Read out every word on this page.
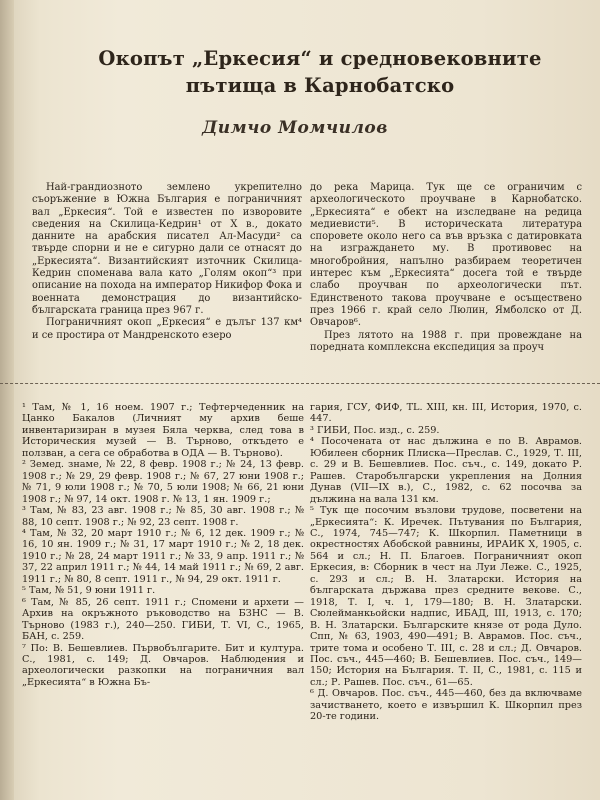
Окопът „Еркесия“ и средновековните
пътища в Карнобатско
Димчо Момчилов

Най-грандиозното землено укрепително съоръжение в Южна България е пограничният вал „Еркесия“. Той е известен по изворовите сведения на Скилица-Кедрин¹ от X в., докато данните на арабския писател Ал-Масуди² са твърде спорни и не е сигурно дали се отнасят до „Еркесията“. Византийският източник Скилица-Кедрин споменава вала като „Голям окоп“³ при описание на похода на император Никифор Фока и военната демонстрация до византийско-българската граница през 967 г.

Пограничният окоп „Еркесия“ е дълъг 137 км⁴ и се простира от Мандренското езеро

до река Марица. Тук ще се ограничим с археологическото проучване в Карнобатско. „Еркесията“ е обект на изследване на редица медиевисти⁵. В историческата литература споровете около него са във връзка с датировката на изграждането му. В противовес на многобройния, напълно разбираем теоретичен интерес към „Еркесията“ досега той е твърде слабо проучван по археологически път. Единственото такова проучване е осъществено през 1966 г. край село Люлин, Ямболско от Д. Овчаров⁶.

През лятото на 1988 г. при провеждане на поредната комплексна експедиция за проуч

¹ Там, № 1, 16 ноем. 1907 г.; Тефтерчеденник на Цанко Бакалов (Личният му архив беше инвентаризиран в музея Бяла черква, след това в Историческия музей — В. Търново, откъдето е ползван, а сега се обработва в ОДА — В. Търново).

² Земед. знаме, № 22, 8 февр. 1908 г.; № 24, 13 февр. 1908 г.; № 29, 29 февр. 1908 г.; № 67, 27 юни 1908 г.; № 71, 9 юли 1908 г.; № 70, 5 юли 1908; № 66, 21 юни 1908 г.; № 97, 14 окт. 1908 г. № 13, 1 ян. 1909 г.;

³ Там, № 83, 23 авг. 1908 г.; № 85, 30 авг. 1908 г.; № 88, 10 септ. 1908 г.; № 92, 23 септ. 1908 г.

⁴ Там, № 32, 20 март 1910 г.; № 6, 12 дек. 1909 г.; № 16, 10 ян. 1909 г.; № 31, 17 март 1910 г.; № 2, 18 дек. 1910 г.; № 28, 24 март 1911 г.; № 33, 9 апр. 1911 г.; № 37, 22 април 1911 г.; № 44, 14 май 1911 г.; № 69, 2 авг. 1911 г.; № 80, 8 септ. 1911 г., № 94, 29 окт. 1911 г.

⁵ Там, № 51, 9 юни 1911 г.

⁶ Там, № 85, 26 септ. 1911 г.; Спомени и архети — Архив на окръжното ръководство на БЗНС — В. Търново (1983 г.), 240—250. ГИБИ, Т. VI, С., 1965, БАН, с. 259.

⁷ По: В. Бешевлиев. Първобългарите. Бит и култура. С., 1981, с. 149; Д. Овчаров. Наблюдения и археологически разкопки на пограничния вал „Еркесията“ в Южна Бъ-

гария, ГСУ, ФИФ, TL. XIII, кн. III, История, 1970, с. 447.

³ ГИБИ, Пос. изд., с. 259.

⁴ Посочената от нас дължина е по В. Аврамов. Юбилеен сборник Плиска—Преслав. С., 1929, Т. III, с. 29 и В. Бешевлиев. Пос. съч., с. 149, докато Р. Рашев. Старобългарски укрепления на Долния Дунав (VII—IX в.), С., 1982, с. 62 посочва за дължина на вала 131 км.

⁵ Тук ще посочим възлови трудове, посветени на „Еркесията“: К. Иречек. Пътувания по България, С., 1974, 745—747; К. Шкорпил. Паметници в окрестностях Абобской равнины, ИРАИК Х, 1905, с. 564 и сл.; Н. П. Благоев. Пограничният окоп Еркесия, в: Сборник в чест на Луи Леже. С., 1925, с. 293 и сл.; В. Н. Златарски. История на българската държава през средните векове. С., 1918, Т. I, ч. 1, 179—180; В. Н. Златарски. Сюлейманкьойски надпис, ИБАД, III, 1913, с. 170; В. Н. Златарски. Българските князе от рода Дуло. Спп, № 63, 1903, 490—491; В. Аврамов. Пос. съч., трите тома и особено Т. III, с. 28 и сл.; Д. Овчаров. Пос. съч., 445—460; В. Бешевлиев. Пос. съч., 149—150; История на България. Т. II, С., 1981, с. 115 и сл.; Р. Рашев. Пос. съч., 61—65.

⁶ Д. Овчаров. Пос. съч., 445—460, без да включваме зачистването, което е извършил К. Шкорпил през 20-те години.
